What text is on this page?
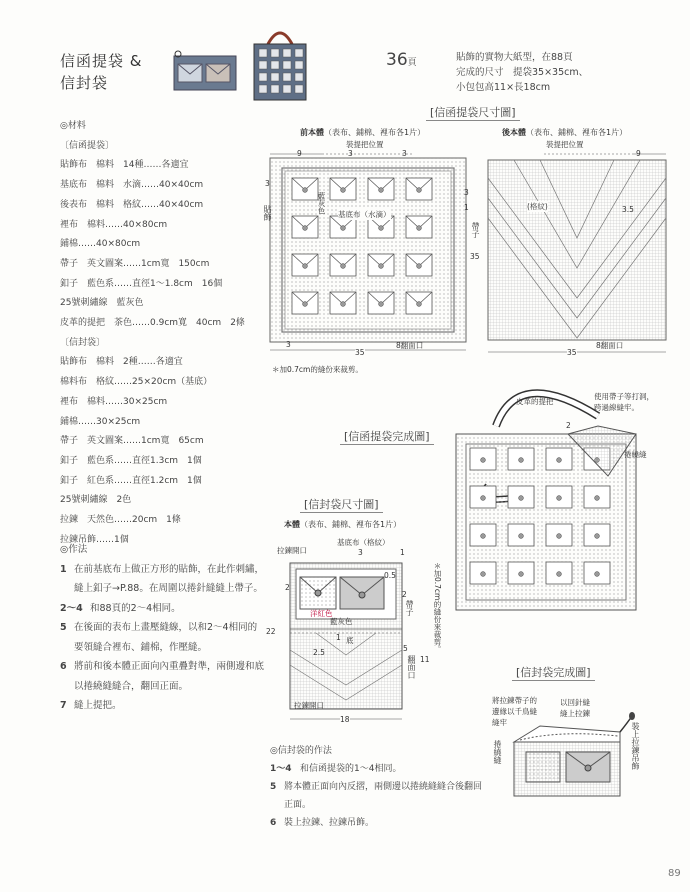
信函提袋 &
信封袋
36頁	貼飾的實物大紙型，在88頁
完成的尺寸　提袋35×35cm、
小包包高11×長18cm
◎材料
〔信函提袋〕
貼飾布　棉料　14種……各適宜
基底布　棉料　水滴……40×40cm
後表布　棉料　格紋……40×40cm
裡布　棉料……40×80cm
鋪棉……40×80cm
帶子　英文圖案……1cm寬　150cm
釦子　藍色系……直徑1～1.8cm　16個
25號刺繡線　藍灰色
皮革的提把　茶色……0.9cm寬　40cm　2條
〔信封袋〕
貼飾布　棉料　2種……各適宜
棉料布　格紋……25×20cm（基底）
裡布　棉料……30×25cm
鋪棉……30×25cm
帶子　英文圖案……1cm寬　65cm
釦子　藍色系……直徑1.3cm　1個
釦子　紅色系……直徑1.2cm　1個
25號刺繡線　2色
拉鍊　天然色……20cm　1條
拉鍊吊飾……1個
◎作法
1 在前基底布上做正方形的貼飾，在此作刺繡，縫上釦子→P.88。在周圍以捲針縫縫上帶子。
2～4 和88頁的2～4相同。
5 在後面的表布上畫壓縫線，以和2～4相同的要領縫合裡布、鋪棉，作壓縫。
6 將前和後本體正面向內重疊對準，兩側邊和底以捲繞縫縫合，翻回正面。
7 縫上提把。
[信函提袋尺寸圖]
前本體（表布、鋪棉、裡布各1片）
裝提把位置
9	3	3
3
3
1
貼飾	藍灰色 基底布（水滴）
帶子
3
35
8翻面口
＊加0.7cm的縫份來裁剪。
後本體（表布、鋪棉、裡布各1片）
裝提把位置
9
(格紋)	3.5
35
35
8翻面口
[信函提袋完成圖]
皮革的提把
使用帶子等打洞，
跨過線縫牢。
2
捲繞縫
[信封袋尺寸圖]
本體（表布、鋪棉、裡布各1片）
基底布（格紋）
拉鍊開口
0.5
1
3
2
2
22
洋紅色
藍灰色
帶子	＊加0.7cm的縫份來裁剪。
2.5
1 底
5
翻面口 11
拉鍊開口
18
◎信封袋的作法
1～4 和信函提袋的1～4相同。
5 將本體正面向內反摺，兩側邊以捲繞縫縫合後翻回正面。
6 裝上拉鍊、拉鍊吊飾。
[信封袋完成圖]
將拉鍊帶子的
邊緣以千鳥縫
縫牢
以回針縫
縫上拉鍊
捲繞縫	裝上拉鍊吊飾
89
